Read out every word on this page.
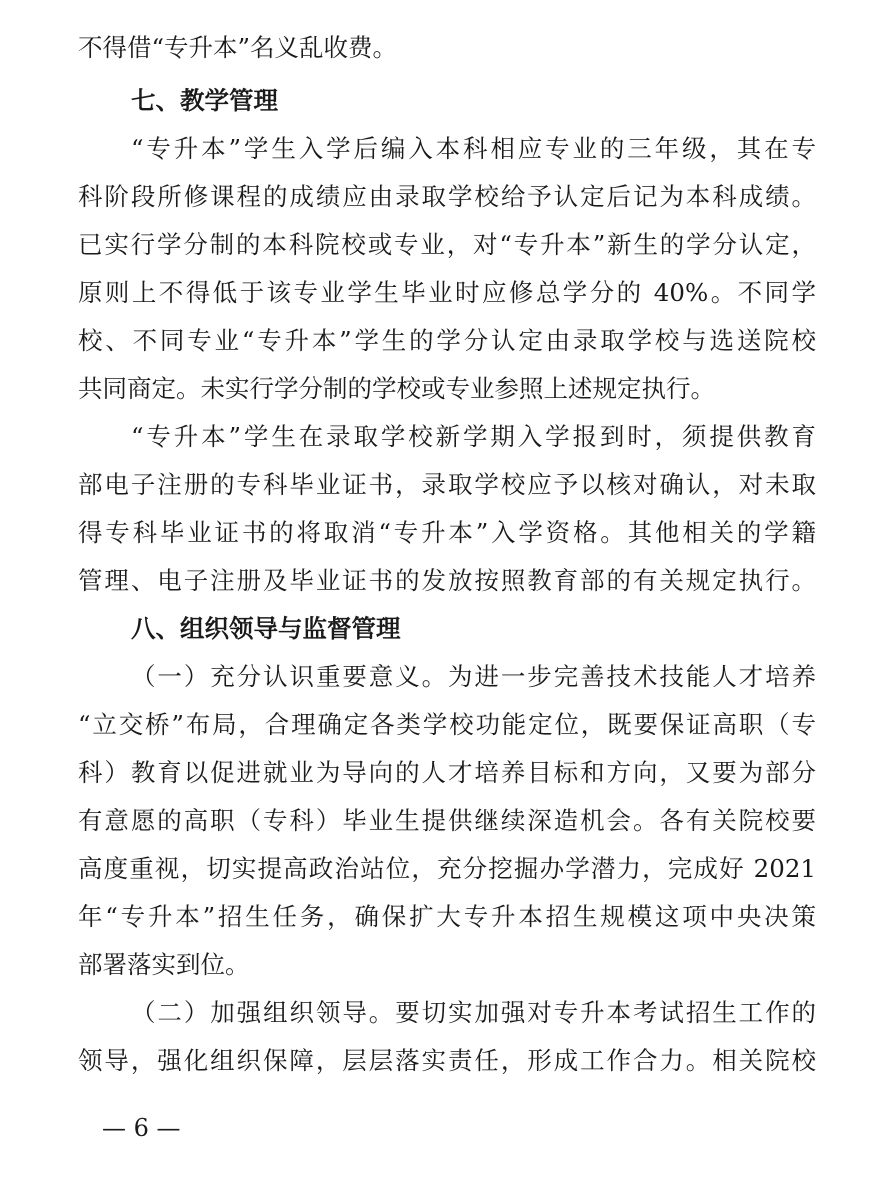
不得借“专升本”名义乱收费。
七、教学管理
“专升本”学生入学后编入本科相应专业的三年级，其在专
科阶段所修课程的成绩应由录取学校给予认定后记为本科成绩。
已实行学分制的本科院校或专业，对“专升本”新生的学分认定，
原则上不得低于该专业学生毕业时应修总学分的 40%。不同学
校、不同专业“专升本”学生的学分认定由录取学校与选送院校
共同商定。未实行学分制的学校或专业参照上述规定执行。
“专升本”学生在录取学校新学期入学报到时，须提供教育
部电子注册的专科毕业证书，录取学校应予以核对确认，对未取
得专科毕业证书的将取消“专升本”入学资格。其他相关的学籍
管理、电子注册及毕业证书的发放按照教育部的有关规定执行。
八、组织领导与监督管理
（一）充分认识重要意义。为进一步完善技术技能人才培养
“立交桥”布局，合理确定各类学校功能定位，既要保证高职（专
科）教育以促进就业为导向的人才培养目标和方向，又要为部分
有意愿的高职（专科）毕业生提供继续深造机会。各有关院校要
高度重视，切实提高政治站位，充分挖掘办学潜力，完成好 2021
年“专升本”招生任务，确保扩大专升本招生规模这项中央决策
部署落实到位。
（二）加强组织领导。要切实加强对专升本考试招生工作的
领导，强化组织保障，层层落实责任，形成工作合力。相关院校
— 6 —
